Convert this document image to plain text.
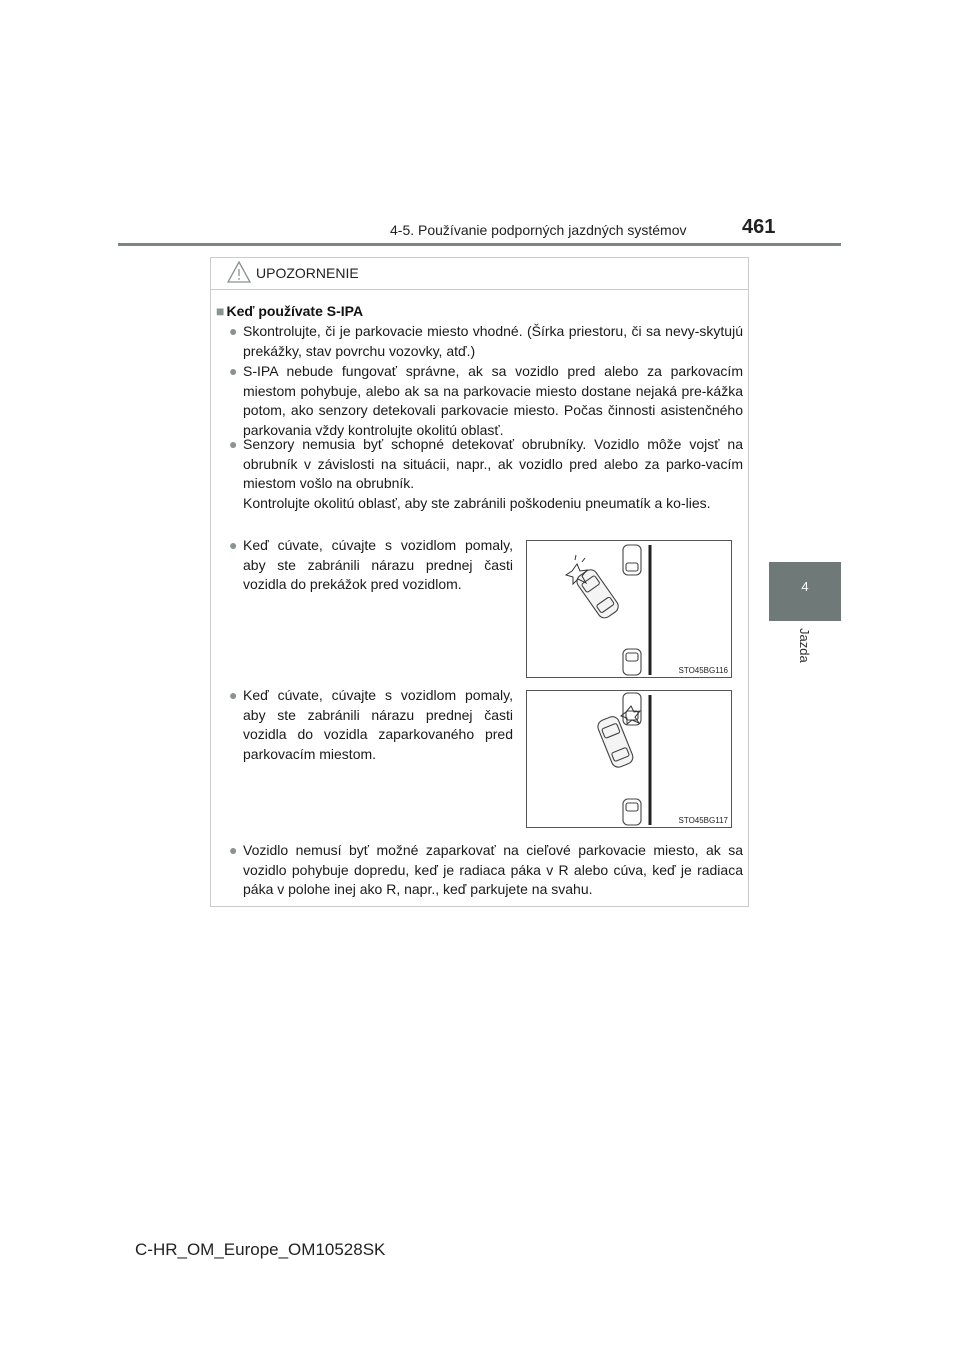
4-5. Používanie podporných jazdných systémov	461
4
Jazda
UPOZORNENIE
■ Keď používate S-IPA
● Skontrolujte, či je parkovacie miesto vhodné. (Šírka priestoru, či sa nevy-skytujú prekážky, stav povrchu vozovky, atď.)
● S-IPA nebude fungovať správne, ak sa vozidlo pred alebo za parkovacím miestom pohybuje, alebo ak sa na parkovacie miesto dostane nejaká pre-kážka potom, ako senzory detekovali parkovacie miesto. Počas činnosti asistenčného parkovania vždy kontrolujte okolitú oblasť.
● Senzory nemusia byť schopné detekovať obrubníky. Vozidlo môže vojsť na obrubník v závislosti na situácii, napr., ak vozidlo pred alebo za parko-vacím miestom vošlo na obrubník.
Kontrolujte okolitú oblasť, aby ste zabránili poškodeniu pneumatík a ko-lies.
● Keď cúvate, cúvajte s vozidlom pomaly, aby ste zabránili nárazu prednej časti vozidla do prekážok pred vozidlom.
● Keď cúvate, cúvajte s vozidlom pomaly, aby ste zabránili nárazu prednej časti vozidla do vozidla zaparkovaného pred parkovacím miestom.
● Vozidlo nemusí byť možné zaparkovať na cieľové parkovacie miesto, ak sa vozidlo pohybuje dopredu, keď je radiaca páka v R alebo cúva, keď je radiaca páka v polohe inej ako R, napr., keď parkujete na svahu.
STO45BG116
STO45BG117
C-HR_OM_Europe_OM10528SK
